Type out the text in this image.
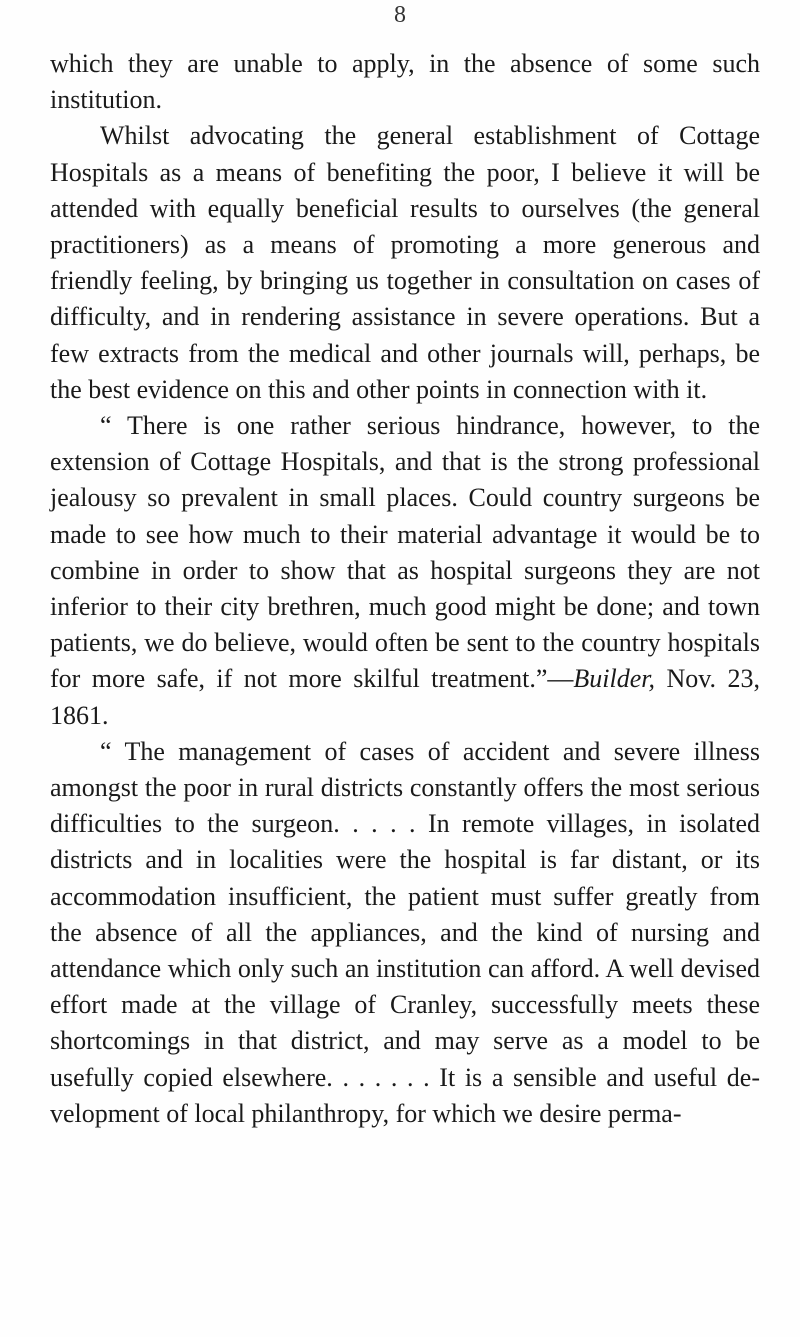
8

which they are unable to apply, in the absence of some such institution.

Whilst advocating the general establishment of Cottage Hospitals as a means of benefiting the poor, I believe it will be attended with equally beneficial results to ourselves (the general practitioners) as a means of promoting a more generous and friendly feeling, by bringing us together in consultation on cases of difficulty, and in rendering assistance in severe operations. But a few extracts from the medical and other journals will, perhaps, be the best evidence on this and other points in connection with it.

“ There is one rather serious hindrance, however, to the extension of Cottage Hospitals, and that is the strong professional jealousy so prevalent in small places. Could country surgeons be made to see how much to their material advantage it would be to combine in order to show that as hospital surgeons they are not inferior to their city brethren, much good might be done; and town patients, we do believe, would often be sent to the country hospitals for more safe, if not more skilful treatment.”—Builder, Nov. 23, 1861.

“ The management of cases of accident and severe illness amongst the poor in rural districts constantly offers the most serious difficulties to the surgeon. . . . . In remote villages, in isolated districts and in localities were the hospital is far distant, or its accommodation insufficient, the patient must suffer greatly from the absence of all the appliances, and the kind of nursing and attendance which only such an institution can afford. A well devised effort made at the village of Cranley, successfully meets these shortcomings in that district, and may serve as a model to be usefully copied elsewhere. . . . . . . It is a sensible and useful development of local philanthropy, for which we desire perma-
